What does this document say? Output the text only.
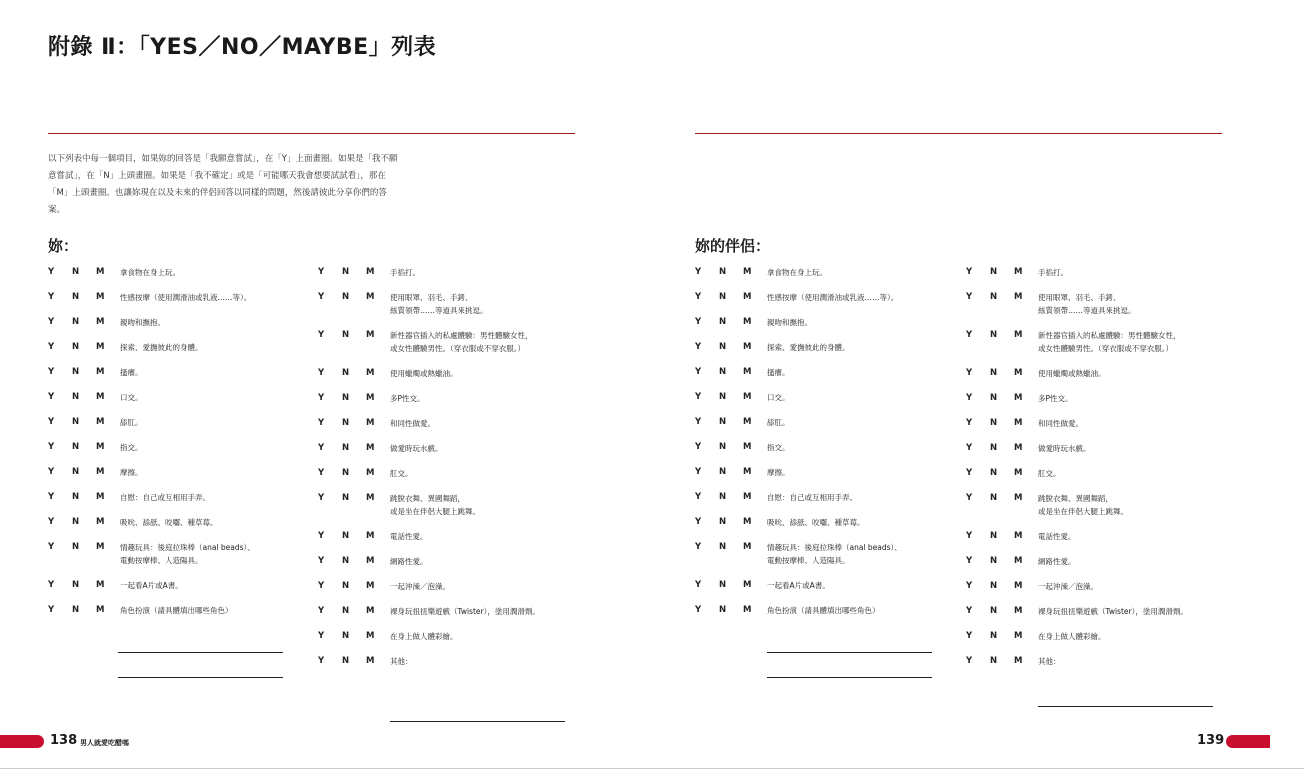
附錄 Ⅱ：「YES／NO／MAYBE」列表
以下列表中每一個項目，如果妳的回答是「我願意嘗試」，在「Y」上面畫圈。如果是「我不願意嘗試」，在「N」上頭畫圈。如果是「我不確定」或是「可能哪天我會想要試試看」，那在「M」上頭畫圈。也讓妳現在以及未來的伴侶回答以同樣的問題，然後請彼此分享你們的答案。
妳：
Y	N	M	拿食物在身上玩。
Y	N	M	性感按摩（使用潤滑油或乳液……等）。
Y	N	M	親吻和撫抱。
Y	N	M	探索、愛撫彼此的身體。
Y	N	M	搔癢。
Y	N	M	口交。
Y	N	M	舔肛。
Y	N	M	指交。
Y	N	M	摩擦。
Y	N	M	自慰：自己或互相用手弄。
Y	N	M	吸吮、舔舐、咬囓、種草莓。
Y	N	M	情趣玩具：後庭拉珠棒（anal beads）、
電動按摩棒、人造陽具。
Y	N	M	一起看A片或A書。
Y	N	M	角色扮演（請具體填出哪些角色）
Y	N	M	手掐打。
Y	N	M	使用眼罩、羽毛、手銬、
絲質領帶……等道具來挑逗。
Y	N	M	新性器官插入的私處體驗：男性體驗女性，
或女性體驗男性。（穿衣服或不穿衣服。）
Y	N	M	使用蠟燭或熱蠟油。
Y	N	M	多P性交。
Y	N	M	和同性做愛。
Y	N	M	做愛時玩水戲。
Y	N	M	肛交。
Y	N	M	跳脫衣舞、異國舞蹈，
或是坐在伴侶大腿上跳舞。
Y	N	M	電話性愛。
Y	N	M	網路性愛。
Y	N	M	一起沖澡／泡澡。
Y	N	M	裸身玩扭扭樂遊戲（Twister），塗用潤滑劑。
Y	N	M	在身上做人體彩繪。
Y	N	M	其他：
138 男人就愛吃醋嗎
妳的伴侶：
Y	N	M	拿食物在身上玩。
Y	N	M	性感按摩（使用潤滑油或乳液……等）。
Y	N	M	親吻和撫抱。
Y	N	M	探索、愛撫彼此的身體。
Y	N	M	搔癢。
Y	N	M	口交。
Y	N	M	舔肛。
Y	N	M	指交。
Y	N	M	摩擦。
Y	N	M	自慰：自己或互相用手弄。
Y	N	M	吸吮、舔舐、咬囓、種草莓。
Y	N	M	情趣玩具：後庭拉珠棒（anal beads）、
電動按摩棒、人造陽具。
Y	N	M	一起看A片或A書。
Y	N	M	角色扮演（請具體填出哪些角色）
Y	N	M	手掐打。
Y	N	M	使用眼罩、羽毛、手銬、
絲質領帶……等道具來挑逗。
Y	N	M	新性器官插入的私處體驗：男性體驗女性，
或女性體驗男性。（穿衣服或不穿衣服。）
Y	N	M	使用蠟燭或熱蠟油。
Y	N	M	多P性交。
Y	N	M	和同性做愛。
Y	N	M	做愛時玩水戲。
Y	N	M	肛交。
Y	N	M	跳脫衣舞、異國舞蹈，
或是坐在伴侶大腿上跳舞。
Y	N	M	電話性愛。
Y	N	M	網路性愛。
Y	N	M	一起沖澡／泡澡。
Y	N	M	裸身玩扭扭樂遊戲（Twister），塗用潤滑劑。
Y	N	M	在身上做人體彩繪。
Y	N	M	其他：
139
